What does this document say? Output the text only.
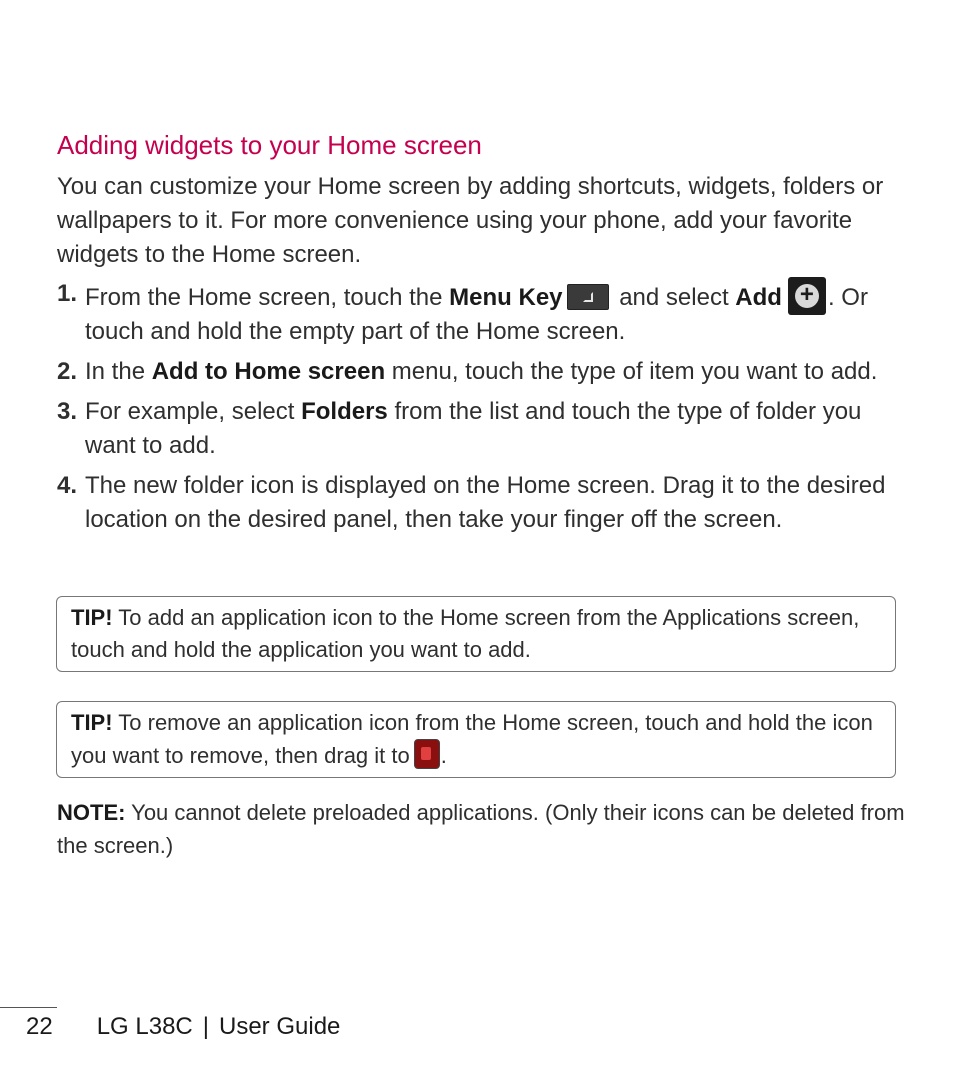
Adding widgets to your Home screen

You can customize your Home screen by adding shortcuts, widgets, folders or wallpapers to it. For more convenience using your phone, add your favorite widgets to the Home screen.

1. From the Home screen, touch the Menu Key and select Add+ . Or touch and hold the empty part of the Home screen.
2. In the Add to Home screen menu, touch the type of item you want to add.
3. For example, select Folders from the list and touch the type of folder you want to add.
4. The new folder icon is displayed on the Home screen. Drag it to the desired location on the desired panel, then take your finger off the screen.
TIP! To add an application icon to the Home screen from the Applications screen, touch and hold the application you want to add.
TIP! To remove an application icon from the Home screen, touch and hold the icon you want to remove, then drag it to .

NOTE: You cannot delete preloaded applications. (Only their icons can be deleted from the screen.)

22 LG L38C | User Guide
